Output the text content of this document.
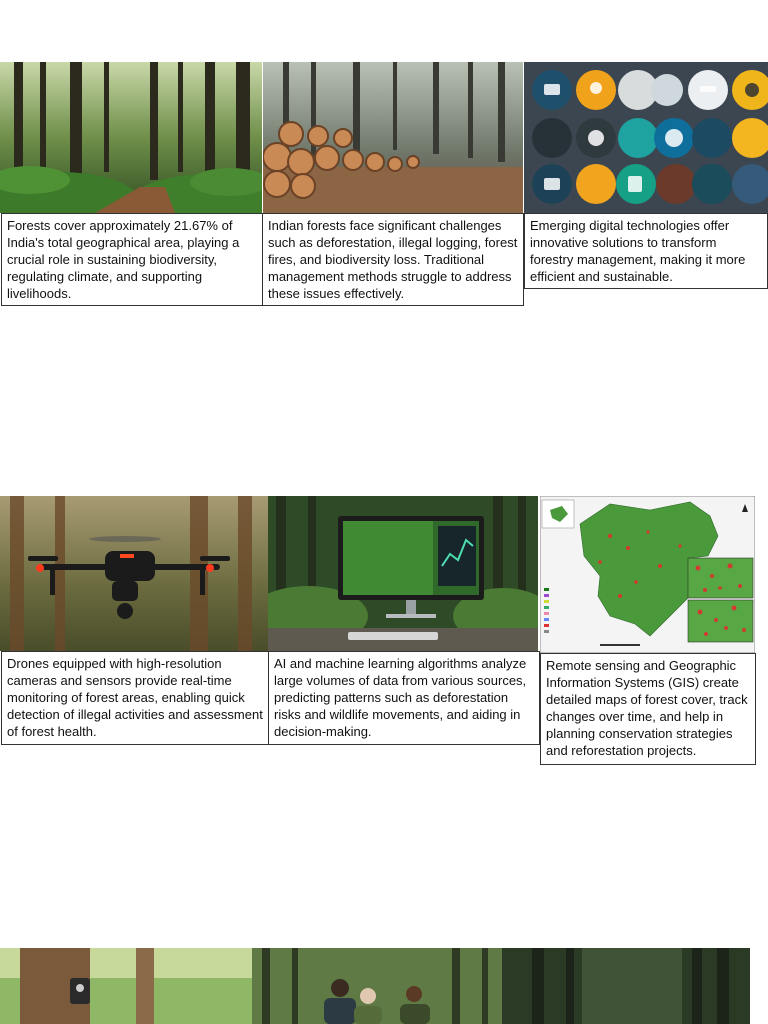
Forests cover approximately 21.67% of India's total geographical area, playing a crucial role in sustaining biodiversity, regulating climate, and supporting livelihoods.
Indian forests face significant challenges such as deforestation, illegal logging, forest fires, and biodiversity loss. Traditional management methods struggle to address these issues effectively.
Emerging digital technologies offer innovative solutions to transform forestry management, making it more efficient and sustainable.
Drones equipped with high-resolution cameras and sensors provide real-time monitoring of forest areas, enabling quick detection of illegal activities and assessment of forest health.
AI and machine learning algorithms analyze large volumes of data from various sources, predicting patterns such as deforestation risks and wildlife movements, and aiding in decision-making.
Remote sensing and Geographic Information Systems (GIS) create detailed maps of forest cover, track changes over time, and help in planning conservation strategies and reforestation projects.
